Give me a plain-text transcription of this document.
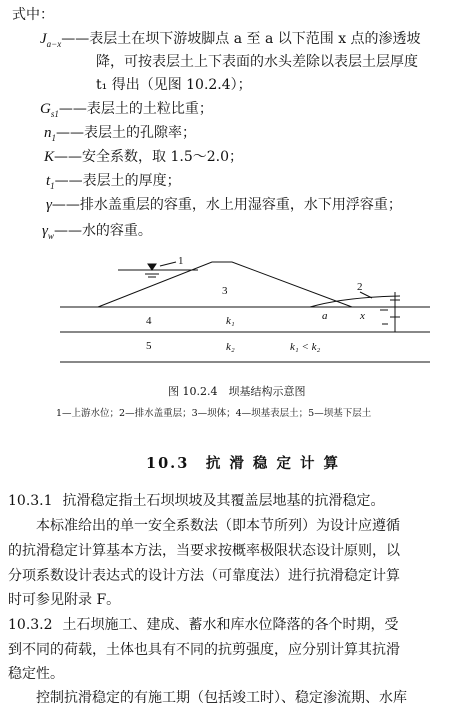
式中：
$J_{a-x}——$表层土在坝下游坡脚点 a 至 a 以下范围 x 点的渗透坡
降，可按表层土上下表面的水头差除以表层土层厚度
t₁ 得出（见图 10.2.4）；
$G_{s1}——$表层土的土粒比重；
$n_1——$表层土的孔隙率；
K——安全系数，取 1.5～2.0；
$t_1——$表层土的厚度；
γ——排水盖重层的容重，水上用湿容重，水下用浮容重；
$\gamma_w——$水的容重。
1
3	2
4
5
k₁
k₂	k₁ < k₂
a	x
图 10.2.4　坝基结构示意图
1—上游水位；2—排水盖重层；3—坝体；4—坝基表层土；5—坝基下层土
10.3　抗 滑 稳 定 计 算
10.3.1 抗滑稳定指土石坝坝坡及其覆盖层地基的抗滑稳定。
本标准给出的单一安全系数法（即本节所列）为设计应遵循
的抗滑稳定计算基本方法，当要求按概率极限状态设计原则，以
分项系数设计表达式的设计方法（可靠度法）进行抗滑稳定计算
时可参见附录 F。
10.3.2 土石坝施工、建成、蓄水和库水位降落的各个时期，受
到不同的荷载，土体也具有不同的抗剪强度，应分别计算其抗滑
稳定性。
控制抗滑稳定的有施工期（包括竣工时）、稳定渗流期、水库
